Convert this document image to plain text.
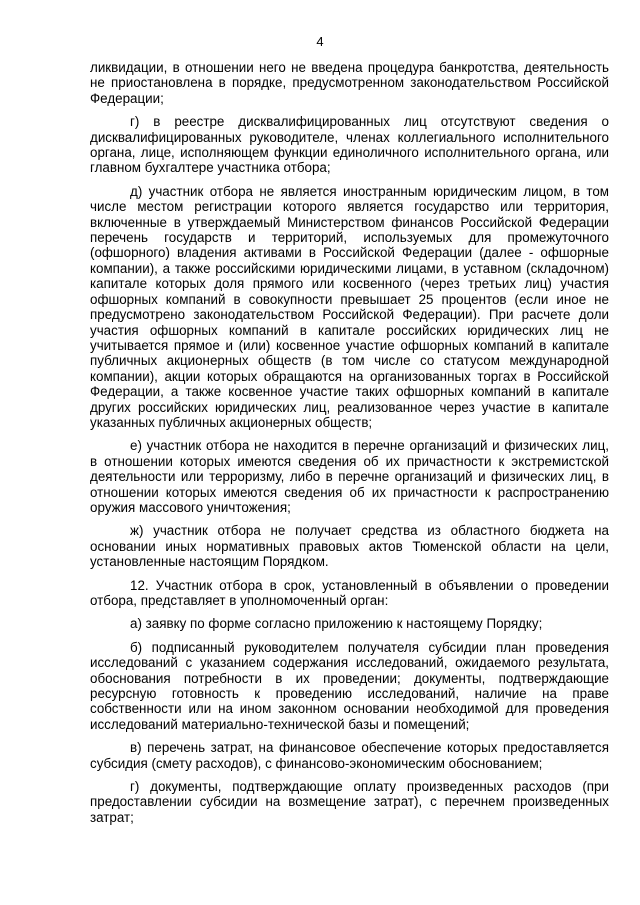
4

ликвидации, в отношении него не введена процедура банкротства, деятельность не приостановлена в порядке, предусмотренном законодательством Российской Федерации;

г) в реестре дисквалифицированных лиц отсутствуют сведения о дисквалифицированных руководителе, членах коллегиального исполнительного органа, лице, исполняющем функции единоличного исполнительного органа, или главном бухгалтере участника отбора;

д) участник отбора не является иностранным юридическим лицом, в том числе местом регистрации которого является государство или территория, включенные в утверждаемый Министерством финансов Российской Федерации перечень государств и территорий, используемых для промежуточного (офшорного) владения активами в Российской Федерации (далее - офшорные компании), а также российскими юридическими лицами, в уставном (складочном) капитале которых доля прямого или косвенного (через третьих лиц) участия офшорных компаний в совокупности превышает 25 процентов (если иное не предусмотрено законодательством Российской Федерации). При расчете доли участия офшорных компаний в капитале российских юридических лиц не учитывается прямое и (или) косвенное участие офшорных компаний в капитале публичных акционерных обществ (в том числе со статусом международной компании), акции которых обращаются на организованных торгах в Российской Федерации, а также косвенное участие таких офшорных компаний в капитале других российских юридических лиц, реализованное через участие в капитале указанных публичных акционерных обществ;

е) участник отбора не находится в перечне организаций и физических лиц, в отношении которых имеются сведения об их причастности к экстремистской деятельности или терроризму, либо в перечне организаций и физических лиц, в отношении которых имеются сведения об их причастности к распространению оружия массового уничтожения;

ж) участник отбора не получает средства из областного бюджета на основании иных нормативных правовых актов Тюменской области на цели, установленные настоящим Порядком.

12. Участник отбора в срок, установленный в объявлении о проведении отбора, представляет в уполномоченный орган:

а) заявку по форме согласно приложению к настоящему Порядку;

б) подписанный руководителем получателя субсидии план проведения исследований с указанием содержания исследований, ожидаемого результата, обоснования потребности в их проведении; документы, подтверждающие ресурсную готовность к проведению исследований, наличие на праве собственности или на ином законном основании необходимой для проведения исследований материально-технической базы и помещений;

в) перечень затрат, на финансовое обеспечение которых предоставляется субсидия (смету расходов), с финансово-экономическим обоснованием;

г) документы, подтверждающие оплату произведенных расходов (при предоставлении субсидии на возмещение затрат), с перечнем произведенных затрат;
